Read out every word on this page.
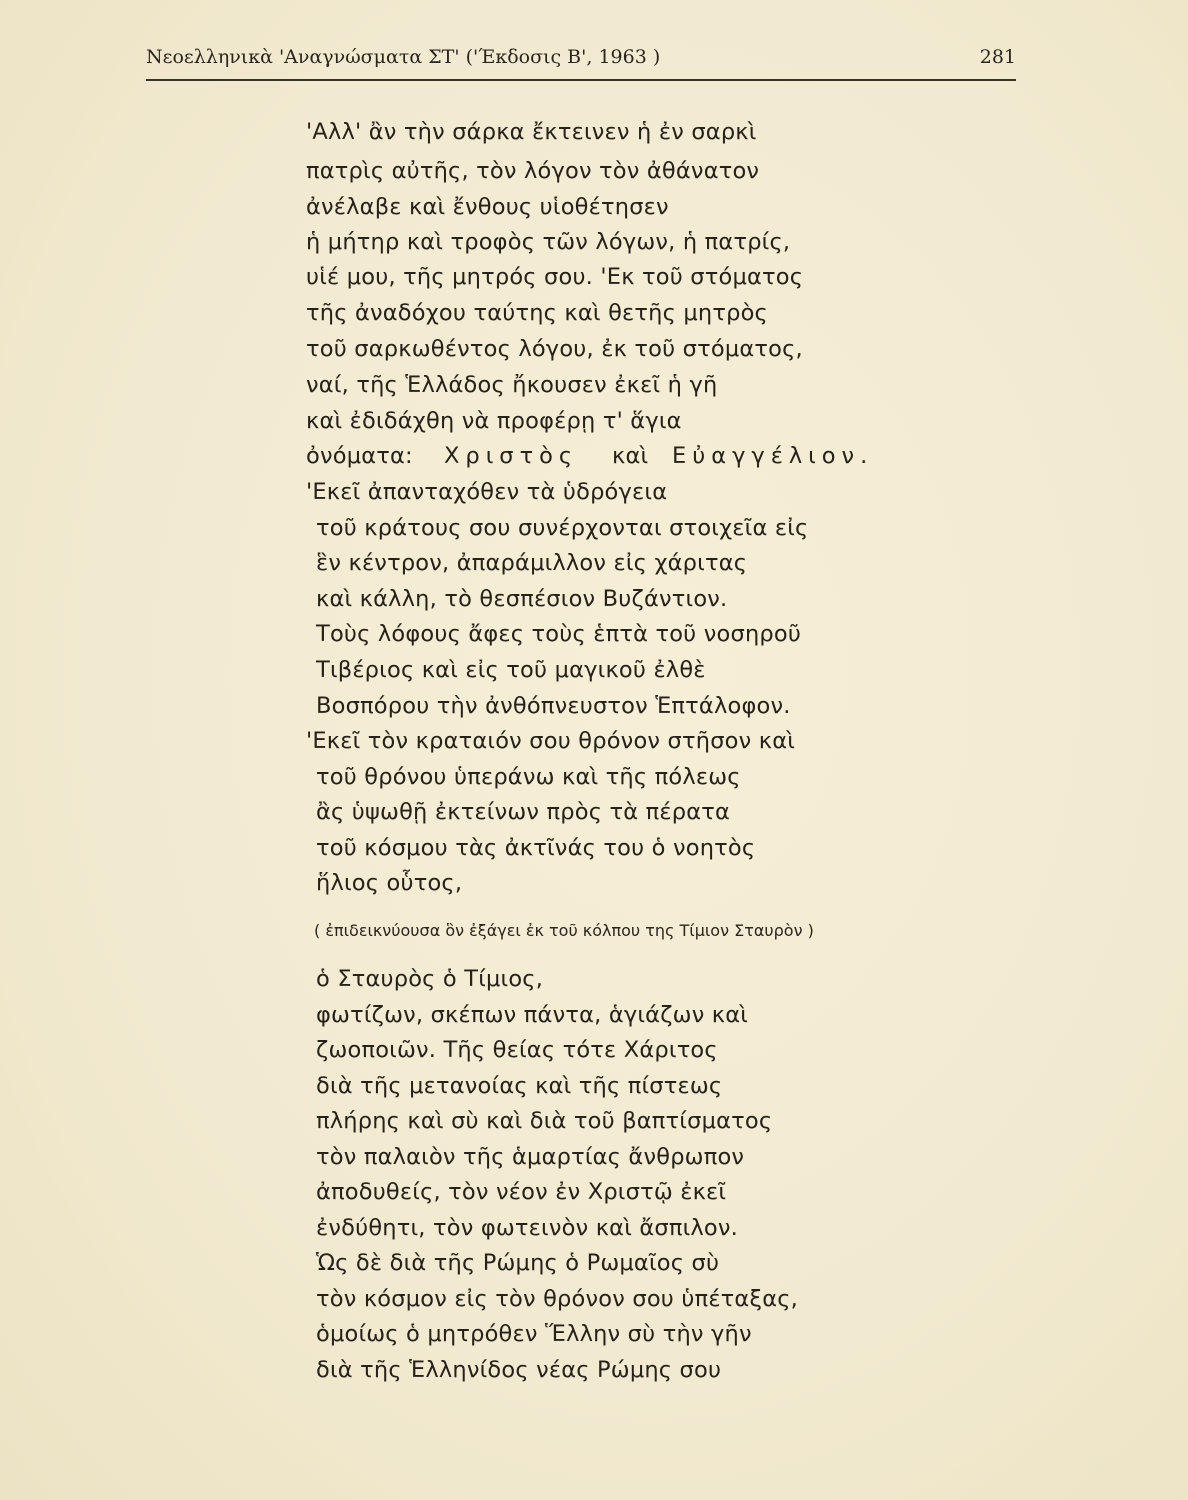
Νεοελληνικὰ 'Αναγνώσματα ΣΤ' ('Έκδοσις Β', 1963 )	281
'Αλλ' ἂν τὴν σάρκα ἔκτεινεν ἡ ἐν σαρκὶ
πατρὶς αὐτῆς, τὸν λόγον τὸν ἀθάνατον
ἀνέλαβε καὶ ἔνθους υἱοθέτησεν
ἡ μήτηρ καὶ τροφὸς τῶν λόγων, ἡ πατρίς,
υἱέ μου, τῆς μητρός σου. 'Εκ τοῦ στόματος
τῆς ἀναδόχου ταύτης καὶ θετῆς μητρὸς
τοῦ σαρκωθέντος λόγου, ἐκ τοῦ στόματος,
ναί, τῆς Ἑλλάδος ἤκουσεν ἐκεῖ ἡ γῆ
καὶ ἐδιδάχθη νὰ προφέρῃ τ' ἅγια
ὀνόματα: Χριστὸς καὶ Εὐαγγέλιον.
'Εκεῖ ἀπανταχόθεν τὰ ὑδρόγεια
τοῦ κράτους σου συνέρχονται στοιχεῖα εἰς
ἓν κέντρον, ἀπαράμιλλον εἰς χάριτας
καὶ κάλλη, τὸ θεσπέσιον Βυζάντιον.
Τοὺς λόφους ἄφες τοὺς ἑπτὰ τοῦ νοσηροῦ
Τιβέριος καὶ εἰς τοῦ μαγικοῦ ἐλθὲ
Βοσπόρου τὴν ἀνθόπνευστον Ἑπτάλοφον.
'Εκεῖ τὸν κραταιόν σου θρόνον στῆσον καὶ
τοῦ θρόνου ὑπεράνω καὶ τῆς πόλεως
ἂς ὑψωθῇ ἐκτείνων πρὸς τὰ πέρατα
τοῦ κόσμου τὰς ἀκτῖνάς του ὁ νοητὸς
ἥλιος οὗτος,
( ἐπιδεικνύουσα ὃν ἐξάγει ἐκ τοῦ κόλπου της Τίμιον Σταυρὸν )
ὁ Σταυρὸς ὁ Τίμιος,
φωτίζων, σκέπων πάντα, ἁγιάζων καὶ
ζωοποιῶν. Τῆς θείας τότε Χάριτος
διὰ τῆς μετανοίας καὶ τῆς πίστεως
πλήρης καὶ σὺ καὶ διὰ τοῦ βαπτίσματος
τὸν παλαιὸν τῆς ἁμαρτίας ἄνθρωπον
ἀποδυθείς, τὸν νέον ἐν Χριστῷ ἐκεῖ
ἐνδύθητι, τὸν φωτεινὸν καὶ ἄσπιλον.
Ὡς δὲ διὰ τῆς Ρώμης ὁ Ρωμαῖος σὺ
τὸν κόσμον εἰς τὸν θρόνον σου ὑπέταξας,
ὁμοίως ὁ μητρόθεν Ἕλλην σὺ τὴν γῆν
διὰ τῆς Ἑλληνίδος νέας Ρώμης σου
